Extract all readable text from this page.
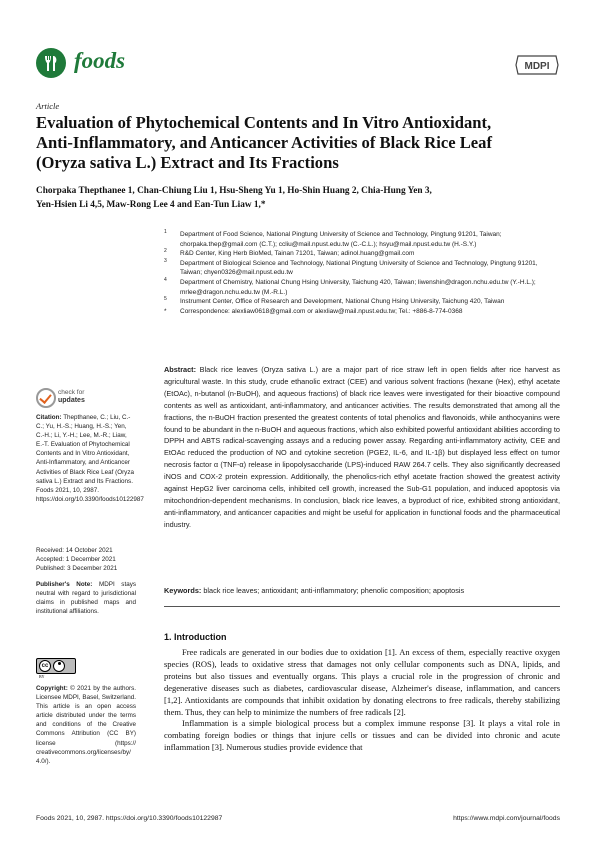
foods	MDPI
Article
Evaluation of Phytochemical Contents and In Vitro Antioxidant,
Anti-Inflammatory, and Anticancer Activities of Black Rice Leaf
(Oryza sativa L.) Extract and Its Fractions
Chorpaka Thepthanee 1, Chan-Chiung Liu 1, Hsu-Sheng Yu 1, Ho-Shin Huang 2, Chia-Hung Yen 3,
Yen-Hsien Li 4,5, Maw-Rong Lee 4 and Ean-Tun Liaw 1,*
1 Department of Food Science, National Pingtung University of Science and Technology, Pingtung 91201, Taiwan; chorpaka.thep@gmail.com (C.T.); ccliu@mail.npust.edu.tw (C.-C.L.); hsyu@mail.npust.edu.tw (H.-S.Y.)
2 R&D Center, King Herb BioMed, Tainan 71201, Taiwan; adinol.huang@gmail.com
3 Department of Biological Science and Technology, National Pingtung University of Science and Technology, Pingtung 91201, Taiwan; chyen0326@mail.npust.edu.tw
4 Department of Chemistry, National Chung Hsing University, Taichung 420, Taiwan; liwenshin@dragon.nchu.edu.tw (Y.-H.L.); mrlee@dragon.nchu.edu.tw (M.-R.L.)
5 Instrument Center, Office of Research and Development, National Chung Hsing University, Taichung 420, Taiwan
* Correspondence: alexliaw0618@gmail.com or alexliaw@mail.npust.edu.tw; Tel.: +886-8-774-0368
Abstract: Black rice leaves (Oryza sativa L.) are a major part of rice straw left in open fields after rice harvest as agricultural waste. In this study, crude ethanolic extract (CEE) and various solvent fractions (hexane (Hex), ethyl acetate (EtOAc), n-butanol (n-BuOH), and aqueous fractions) of black rice leaves were investigated for their bioactive compound contents as well as antioxidant, anti-inflammatory, and anticancer activities. The results demonstrated that among all the fractions, the n-BuOH fraction presented the greatest contents of total phenolics and flavonoids, while anthocyanins were found to be abundant in the n-BuOH and aqueous fractions, which also exhibited powerful antioxidant abilities according to DPPH and ABTS radical-scavenging assays and a reducing power assay. Regarding anti-inflammatory activity, CEE and EtOAc reduced the production of NO and cytokine secretion (PGE2, IL-6, and IL-1β) but displayed less effect on tumor necrosis factor α (TNF-α) release in lipopolysaccharide (LPS)-induced RAW 264.7 cells. They also significantly decreased iNOS and COX-2 protein expression. Additionally, the phenolics-rich ethyl acetate fraction showed the greatest activity against HepG2 liver carcinoma cells, inhibited cell growth, increased the Sub-G1 population, and induced apoptosis via mitochondrion-dependent mechanisms. In conclusion, black rice leaves, a byproduct of rice, exhibited strong antioxidant, anti-inflammatory, and anticancer capacities and might be useful for application in functional foods and the pharmaceutical industry.
Keywords: black rice leaves; antioxidant; anti-inflammatory; phenolic composition; apoptosis
check for
updates
Citation: Thepthanee, C.; Liu, C.-C.; Yu, H.-S.; Huang, H.-S.; Yen, C.-H.; Li, Y.-H.; Lee, M.-R.; Liaw, E.-T. Evaluation of Phytochemical Contents and In Vitro Antioxidant, Anti-Inflammatory, and Anticancer Activities of Black Rice Leaf (Oryza sativa L.) Extract and Its Fractions. Foods 2021, 10, 2987. https://doi.org/10.3390/foods10122987
Received: 14 October 2021
Accepted: 1 December 2021
Published: 3 December 2021
Publisher's Note: MDPI stays neutral with regard to jurisdictional claims in published maps and institutional affiliations.
cc
BY
Copyright: © 2021 by the authors. Licensee MDPI, Basel, Switzerland. This article is an open access article distributed under the terms and conditions of the Creative Commons Attribution (CC BY) license (https:// creativecommons.org/licenses/by/ 4.0/).
1. Introduction

Free radicals are generated in our bodies due to oxidation [1]. An excess of them, especially reactive oxygen species (ROS), leads to oxidative stress that damages not only cellular components such as DNA, lipids, and proteins but also tissues and eventually organs. This plays a crucial role in the progression of chronic and degenerative diseases such as diabetes, cardiovascular disease, Alzheimer's disease, inflammation, and cancers [1,2]. Antioxidants are compounds that inhibit oxidation by donating electrons to free radicals, thereby stabilizing them. Thus, they can help to minimize the numbers of free radicals [2].

Inflammation is a simple biological process but a complex immune response [3]. It plays a vital role in combating foreign bodies or things that injure cells or tissues and can be divided into chronic and acute inflammation [3]. Numerous studies provide evidence that

Foods 2021, 10, 2987. https://doi.org/10.3390/foods10122987	https://www.mdpi.com/journal/foods
